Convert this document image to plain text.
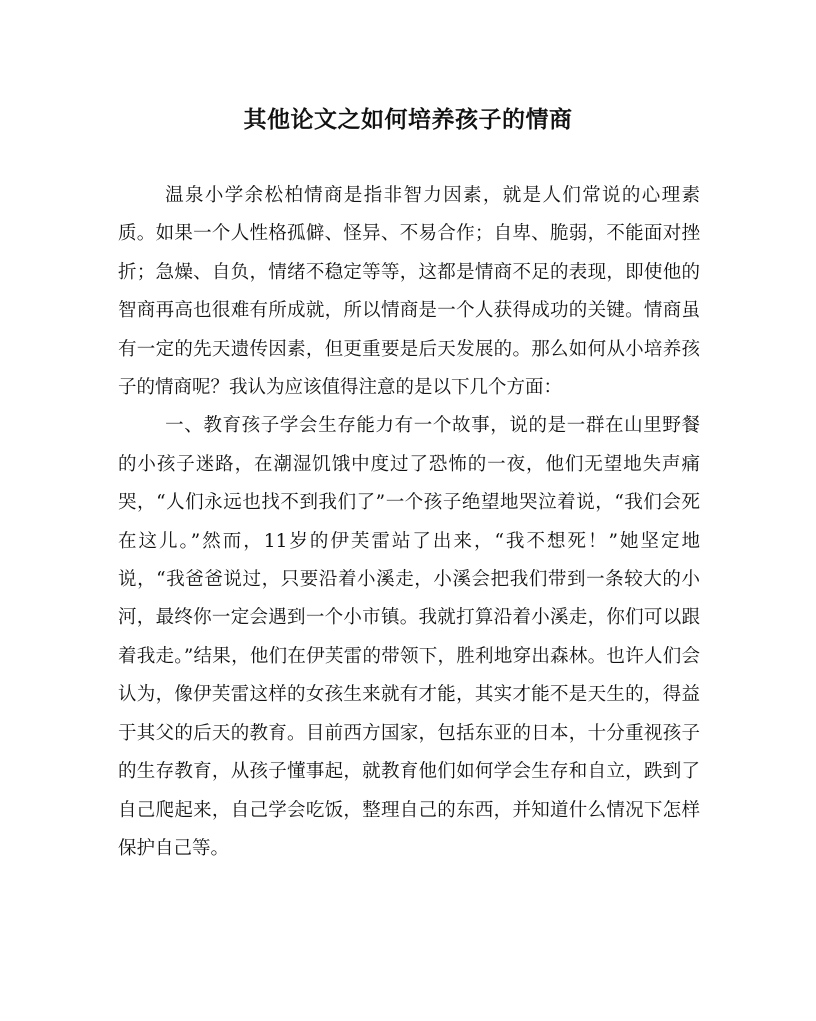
其他论文之如何培养孩子的情商

温泉小学余松柏情商是指非智力因素，就是人们常说的心理素质。如果一个人性格孤僻、怪异、不易合作；自卑、脆弱，不能面对挫折；急燥、自负，情绪不稳定等等，这都是情商不足的表现，即使他的智商再高也很难有所成就，所以情商是一个人获得成功的关键。情商虽有一定的先天遗传因素，但更重要是后天发展的。那么如何从小培养孩子的情商呢？我认为应该值得注意的是以下几个方面：

一、教育孩子学会生存能力有一个故事，说的是一群在山里野餐的小孩子迷路，在潮湿饥饿中度过了恐怖的一夜，他们无望地失声痛哭，“人们永远也找不到我们了”一个孩子绝望地哭泣着说，“我们会死在这儿。”然而，11岁的伊芙雷站了出来，“我不想死！”她坚定地说，“我爸爸说过，只要沿着小溪走，小溪会把我们带到一条较大的小河，最终你一定会遇到一个小市镇。我就打算沿着小溪走，你们可以跟着我走。”结果，他们在伊芙雷的带领下，胜利地穿出森林。也许人们会认为，像伊芙雷这样的女孩生来就有才能，其实才能不是天生的，得益于其父的后天的教育。目前西方国家，包括东亚的日本，十分重视孩子的生存教育，从孩子懂事起，就教育他们如何学会生存和自立，跌到了自己爬起来，自己学会吃饭，整理自己的东西，并知道什么情况下怎样保护自己等。
